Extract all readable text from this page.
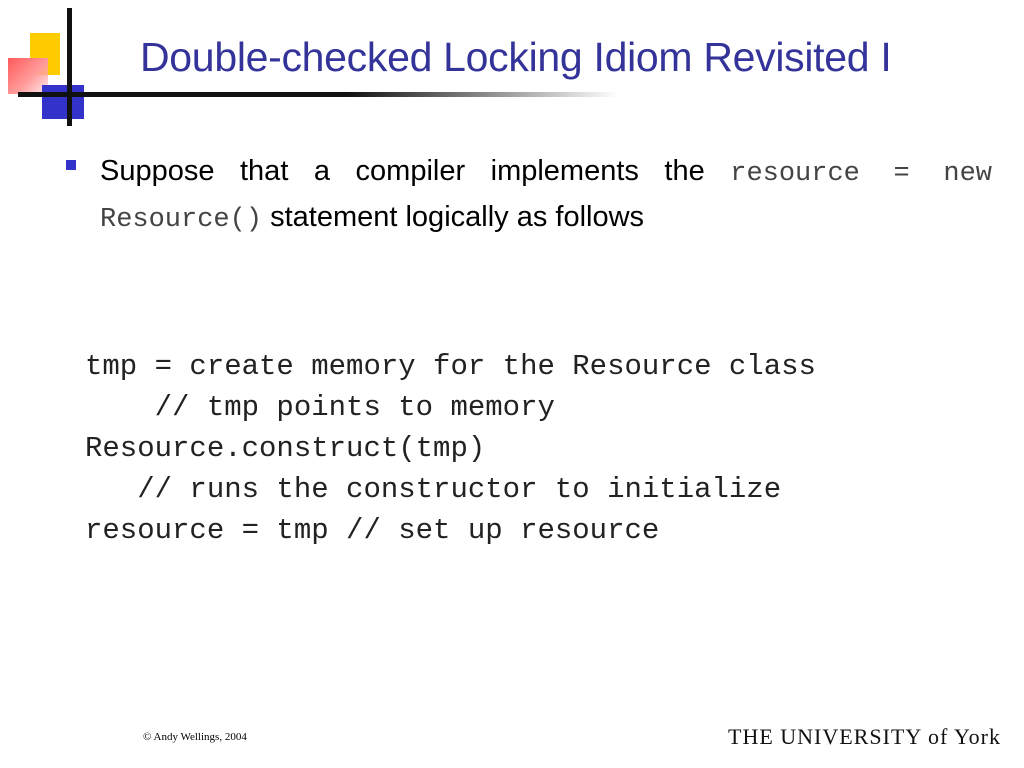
Double-checked Locking Idiom Revisited I
Suppose that a compiler implements the resource = new Resource() statement logically as follows
tmp = create memory for the Resource class
// tmp points to memory
Resource.construct(tmp)
// runs the constructor to initialize
resource = tmp // set up resource
© Andy Wellings, 2004	THE UNIVERSITY of York
